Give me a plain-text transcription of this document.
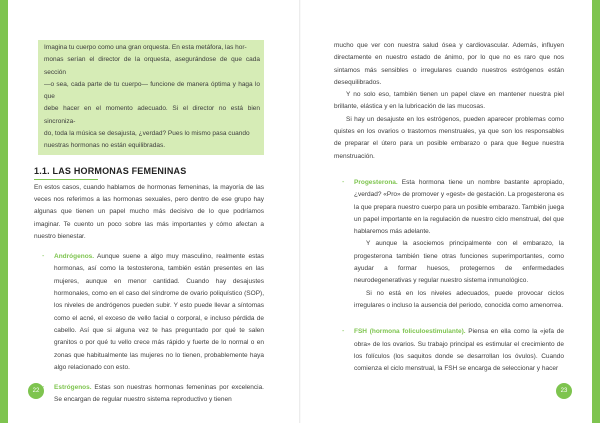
Imagina tu cuerpo como una gran orquesta. En esta metáfora, las hor-
monas serían el director de la orquesta, asegurándose de que cada sección
—o sea, cada parte de tu cuerpo— funcione de manera óptima y haga lo que
debe hacer en el momento adecuado. Si el director no está bien sincroniza-
do, toda la música se desajusta, ¿verdad? Pues lo mismo pasa cuando
nuestras hormonas no están equilibradas.
1.1. LAS HORMONAS FEMENINAS

En estos casos, cuando hablamos de hormonas femeninas, la mayoría de las veces nos referimos a las hormonas sexuales, pero dentro de ese grupo hay algunas que tienen un papel mucho más decisivo de lo que podríamos imaginar. Te cuento un poco sobre las más importantes y cómo afectan a nuestro bienestar.

- Andrógenos. Aunque suene a algo muy masculino, realmente estas hormonas, así como la testosterona, también están presentes en las mujeres, aunque en menor cantidad. Cuando hay desajustes hormonales, como en el caso del síndrome de ovario poliquístico (SOP), los niveles de andrógenos pueden subir. Y esto puede llevar a síntomas como el acné, el exceso de vello facial o corporal, e incluso pérdida de cabello. Así que si alguna vez te has preguntado por qué te salen granitos o por qué tu vello crece más rápido y fuerte de lo normal o en zonas que habitualmente las mujeres no lo tienen, probablemente haya algo relacionado con esto.

Estrógenos. Estas son nuestras hormonas femeninas por excelencia. Se encargan de regular nuestro sistema reproductivo y tienen

mucho que ver con nuestra salud ósea y cardiovascular. Además, influyen directamente en nuestro estado de ánimo, por lo que no es raro que nos sintamos más sensibles o irregulares cuando nuestros estrógenos están desequilibrados.

Y no solo eso, también tienen un papel clave en mantener nuestra piel brillante, elástica y en la lubricación de las mucosas.

Si hay un desajuste en los estrógenos, pueden aparecer problemas como quistes en los ovarios o trastornos menstruales, ya que son los responsables de preparar el útero para un posible embarazo o para que llegue nuestra menstruación.

- Progesterona. Esta hormona tiene un nombre bastante apropiado, ¿verdad? «Pro» de promover y «gest» de gestación. La progesterona es la que prepara nuestro cuerpo para un posible embarazo. También juega un papel importante en la regulación de nuestro ciclo menstrual, del que hablaremos más adelante.

Y aunque la asociemos principalmente con el embarazo, la progesterona también tiene otras funciones superimportantes, como ayudar a formar huesos, protegernos de enfermedades neurodegenerativas y regular nuestro sistema inmunológico.

Si no está en los niveles adecuados, puede provocar ciclos irregulares o incluso la ausencia del periodo, conocida como amenorrea.

- FSH (hormona foliculoestimulante). Piensa en ella como la «jefa de obra» de los ovarios. Su trabajo principal es estimular el crecimiento de los folículos (los saquitos donde se desarrollan los óvulos). Cuando comienza el ciclo menstrual, la FSH se encarga de seleccionar y hacer

22	23
